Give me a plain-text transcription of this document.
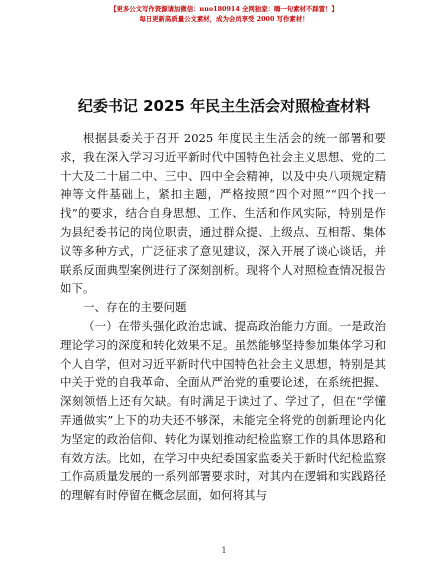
【更多公文写作资源请加微信：nuo180914 全网独家：嗨一句素材不踩雷！】
每日更新高质量公文素材，成为会员享受 2000 写作素材！
纪委书记 2025 年民主生活会对照检查材料

根据县委关于召开 2025 年度民主生活会的统一部署和要求，我在深入学习习近平新时代中国特色社会主义思想、党的二十大及二十届二中、三中、四中全会精神，以及中央八项规定精神等文件基础上，紧扣主题，严格按照“四个对照”“四个找一找”的要求，结合自身思想、工作、生活和作风实际，特别是作为县纪委书记的岗位职责，通过群众提、上级点、互相帮、集体议等多种方式，广泛征求了意见建议，深入开展了谈心谈话，并联系反面典型案例进行了深刻剖析。现将个人对照检查情况报告如下。

一、存在的主要问题

（一）在带头强化政治忠诚、提高政治能力方面。一是政治理论学习的深度和转化效果不足。虽然能够坚持参加集体学习和个人自学，但对习近平新时代中国特色社会主义思想，特别是其中关于党的自我革命、全面从严治党的重要论述，在系统把握、深刻领悟上还有欠缺。有时满足于读过了、学过了，但在“学懂弄通做实”上下的功夫还不够深，未能完全将党的创新理论内化为坚定的政治信仰、转化为谋划推动纪检监察工作的具体思路和有效方法。比如，在学习中央纪委国家监委关于新时代纪检监察工作高质量发展的一系列部署要求时，对其内在逻辑和实践路径的理解有时停留在概念层面，如何将其与

1
